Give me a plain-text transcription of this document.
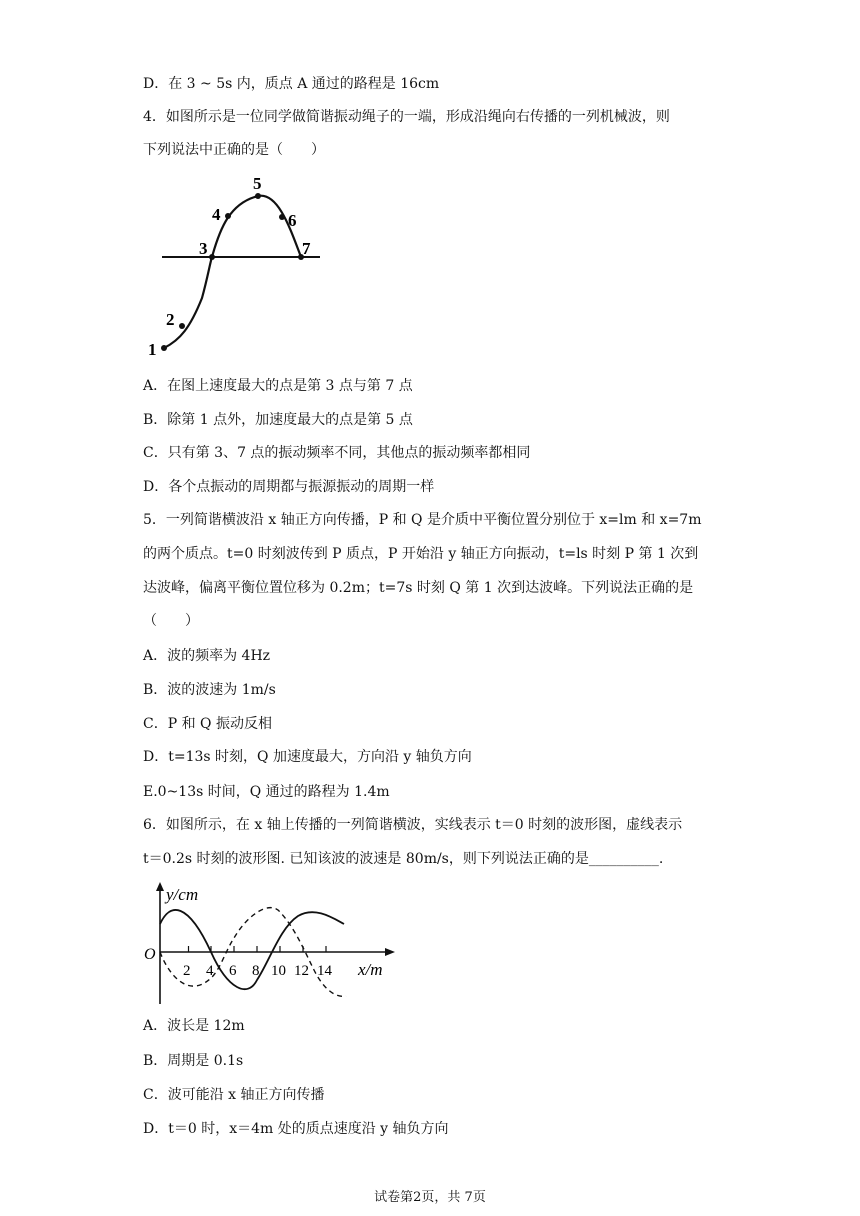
D．在 3 ~ 5s 内，质点 A 通过的路程是 16cm
4．如图所示是一位同学做简谐振动绳子的一端，形成沿绳向右传播的一列机械波，则
下列说法中正确的是（　　）
1
2
3
4
5
6
7
A．在图上速度最大的点是第 3 点与第 7 点
B．除第 1 点外，加速度最大的点是第 5 点
C．只有第 3、7 点的振动频率不同，其他点的振动频率都相同
D．各个点振动的周期都与振源振动的周期一样
5．一列简谐横波沿 x 轴正方向传播，P 和 Q 是介质中平衡位置分别位于 x=lm 和 x=7m
的两个质点。t=0 时刻波传到 P 质点，P 开始沿 y 轴正方向振动，t=ls 时刻 P 第 1 次到
达波峰，偏离平衡位置位移为 0.2m；t=7s 时刻 Q 第 1 次到达波峰。下列说法正确的是
（　　）
A．波的频率为 4Hz
B．波的波速为 1m/s
C．P 和 Q 振动反相
D．t=13s 时刻，Q 加速度最大，方向沿 y 轴负方向
E.0~13s 时间，Q 通过的路程为 1.4m
6．如图所示，在 x 轴上传播的一列简谐横波，实线表示 t＝0 时刻的波形图，虚线表示
t＝0.2s 时刻的波形图. 已知该波的波速是 80m/s，则下列说法正确的是__________.
y/cm
O
2 4 6 8 10 12 14 x/m
A．波长是 12m
B．周期是 0.1s
C．波可能沿 x 轴正方向传播
D．t＝0 时，x＝4m 处的质点速度沿 y 轴负方向
试卷第2页，共 7页
